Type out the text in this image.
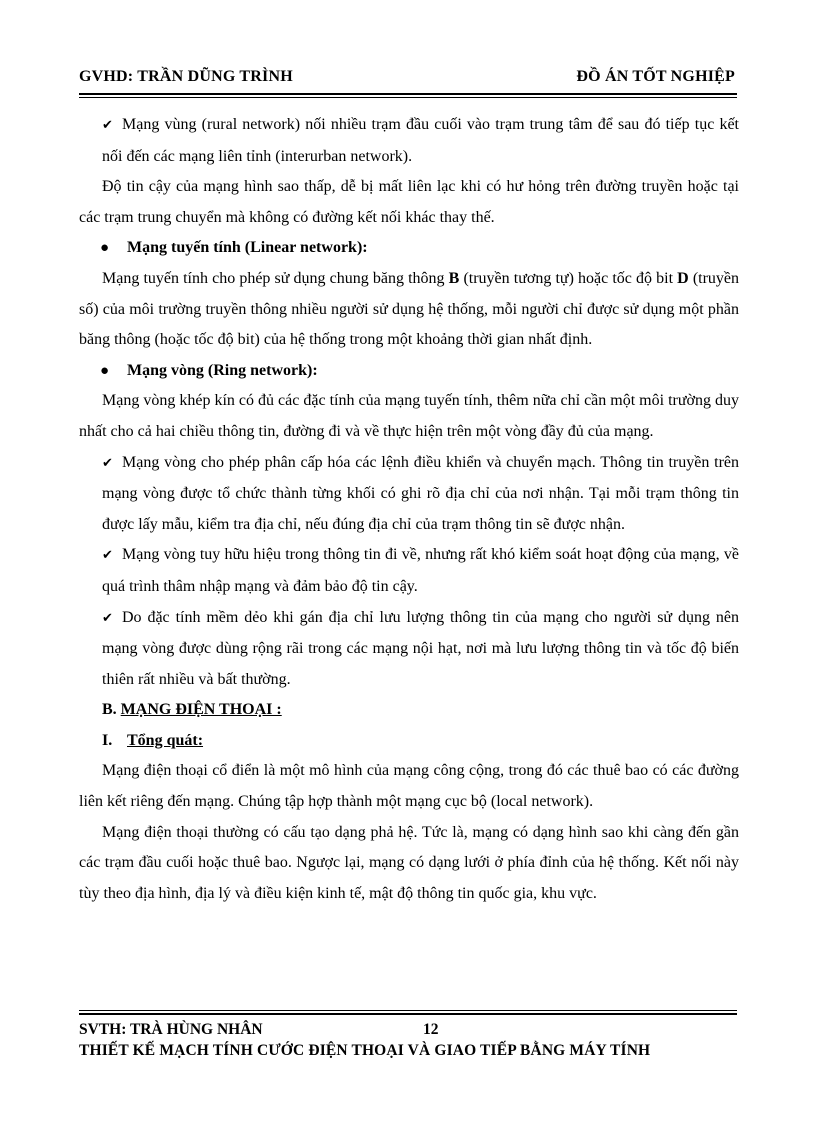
GVHD: TRẦN DŨNG TRÌNH	ĐỒ ÁN TỐT NGHIỆP

✔ Mạng vùng (rural network) nối nhiều trạm đầu cuối vào trạm trung tâm để sau đó tiếp tục kết nối đến các mạng liên tỉnh (interurban network).

Độ tin cậy của mạng hình sao thấp, dễ bị mất liên lạc khi có hư hỏng trên đường truyền hoặc tại các trạm trung chuyển mà không có đường kết nối khác thay thế.

● Mạng tuyến tính (Linear network):

Mạng tuyến tính cho phép sử dụng chung băng thông B (truyền tương tự) hoặc tốc độ bit D (truyền số) của môi trường truyền thông nhiều người sử dụng hệ thống, mỗi người chỉ được sử dụng một phần băng thông (hoặc tốc độ bit) của hệ thống trong một khoảng thời gian nhất định.

● Mạng vòng (Ring network):

Mạng vòng khép kín có đủ các đặc tính của mạng tuyến tính, thêm nữa chỉ cần một môi trường duy nhất cho cả hai chiều thông tin, đường đi và về thực hiện trên một vòng đầy đủ của mạng.

✔ Mạng vòng cho phép phân cấp hóa các lệnh điều khiển và chuyển mạch. Thông tin truyền trên mạng vòng được tổ chức thành từng khối có ghi rõ địa chỉ của nơi nhận. Tại mỗi trạm thông tin được lấy mẫu, kiểm tra địa chỉ, nếu đúng địa chỉ của trạm thông tin sẽ được nhận.

✔ Mạng vòng tuy hữu hiệu trong thông tin đi về, nhưng rất khó kiểm soát hoạt động của mạng, về quá trình thâm nhập mạng và đảm bảo độ tin cậy.

✔ Do đặc tính mềm dẻo khi gán địa chỉ lưu lượng thông tin của mạng cho người sử dụng nên mạng vòng được dùng rộng rãi trong các mạng nội hạt, nơi mà lưu lượng thông tin và tốc độ biến thiên rất nhiều và bất thường.

B. MẠNG ĐIỆN THOẠI :

I. Tổng quát:

Mạng điện thoại cổ điển là một mô hình của mạng công cộng, trong đó các thuê bao có các đường liên kết riêng đến mạng. Chúng tập hợp thành một mạng cục bộ (local network).

Mạng điện thoại thường có cấu tạo dạng phả hệ. Tức là, mạng có dạng hình sao khi càng đến gần các trạm đầu cuối hoặc thuê bao. Ngược lại, mạng có dạng lưới ở phía đỉnh của hệ thống. Kết nối này tùy theo địa hình, địa lý và điều kiện kinh tế, mật độ thông tin quốc gia, khu vực.

SVTH: TRÀ HÙNG NHÂN	12
THIẾT KẾ MẠCH TÍNH CƯỚC ĐIỆN THOẠI VÀ GIAO TIẾP BẰNG MÁY TÍNH
